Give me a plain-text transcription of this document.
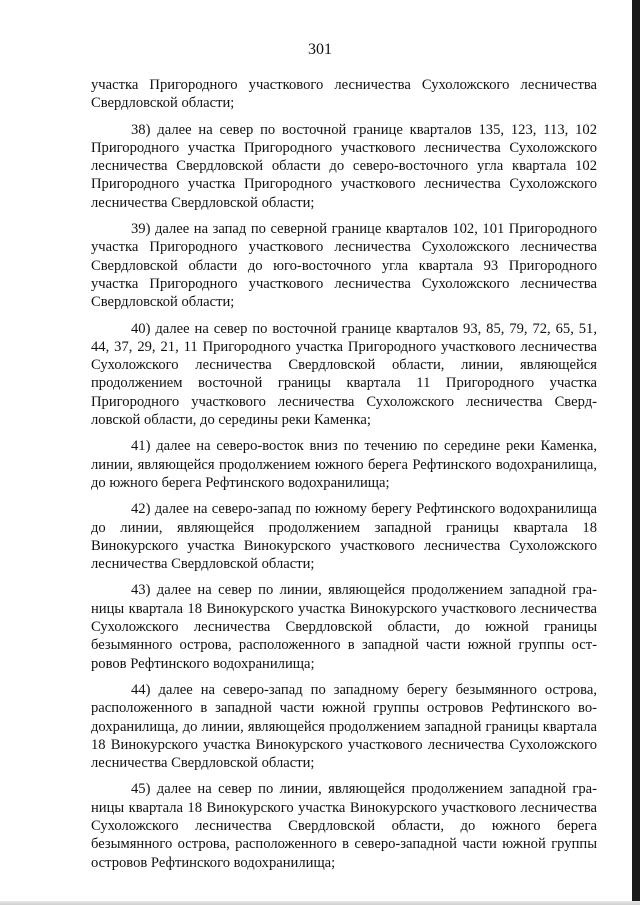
301

участка Пригородного участкового лесничества Сухоложского лесничества Свердловской области;

38) далее на север по восточной границе кварталов 135, 123, 113, 102 Пригородного участка Пригородного участкового лесничества Сухоложского лесничества Свердловской области до северо-восточного угла квартала 102 Пригородного участка Пригородного участкового лесничества Сухоложского лесничества Свердловской области;

39) далее на запад по северной границе кварталов 102, 101 Пригородного участка Пригородного участкового лесничества Сухоложского лесничества Свердловской области до юго-восточного угла квартала 93 Пригородного участка Пригородного участкового лесничества Сухоложского лесничества Свердловской области;

40) далее на север по восточной границе кварталов 93, 85, 79, 72, 65, 51, 44, 37, 29, 21, 11 Пригородного участка Пригородного участкового лесничества Сухоложского лесничества Свердловской области, линии, являющейся продолжением восточной границы квартала 11 Пригородного участка Пригородного участкового лесничества Сухоложского лесничества Свердловской области, до середины реки Каменка;

41) далее на северо-восток вниз по течению по середине реки Каменка, линии, являющейся продолжением южного берега Рефтинского водохранилища, до южного берега Рефтинского водохранилища;

42) далее на северо-запад по южному берегу Рефтинского водохранилища до линии, являющейся продолжением западной границы квартала 18 Винокурского участка Винокурского участкового лесничества Сухоложского лесничества Свердловской области;

43) далее на север по линии, являющейся продолжением западной границы квартала 18 Винокурского участка Винокурского участкового лесничества Сухоложского лесничества Свердловской области, до южной границы безымянного острова, расположенного в западной части южной группы островов Рефтинского водохранилища;

44) далее на северо-запад по западному берегу безымянного острова, расположенного в западной части южной группы островов Рефтинского водохранилища, до линии, являющейся продолжением западной границы квартала 18 Винокурского участка Винокурского участкового лесничества Сухоложского лесничества Свердловской области;

45) далее на север по линии, являющейся продолжением западной границы квартала 18 Винокурского участка Винокурского участкового лесничества Сухоложского лесничества Свердловской области, до южного берега безымянного острова, расположенного в северо-западной части южной группы островов Рефтинского водохранилища;
